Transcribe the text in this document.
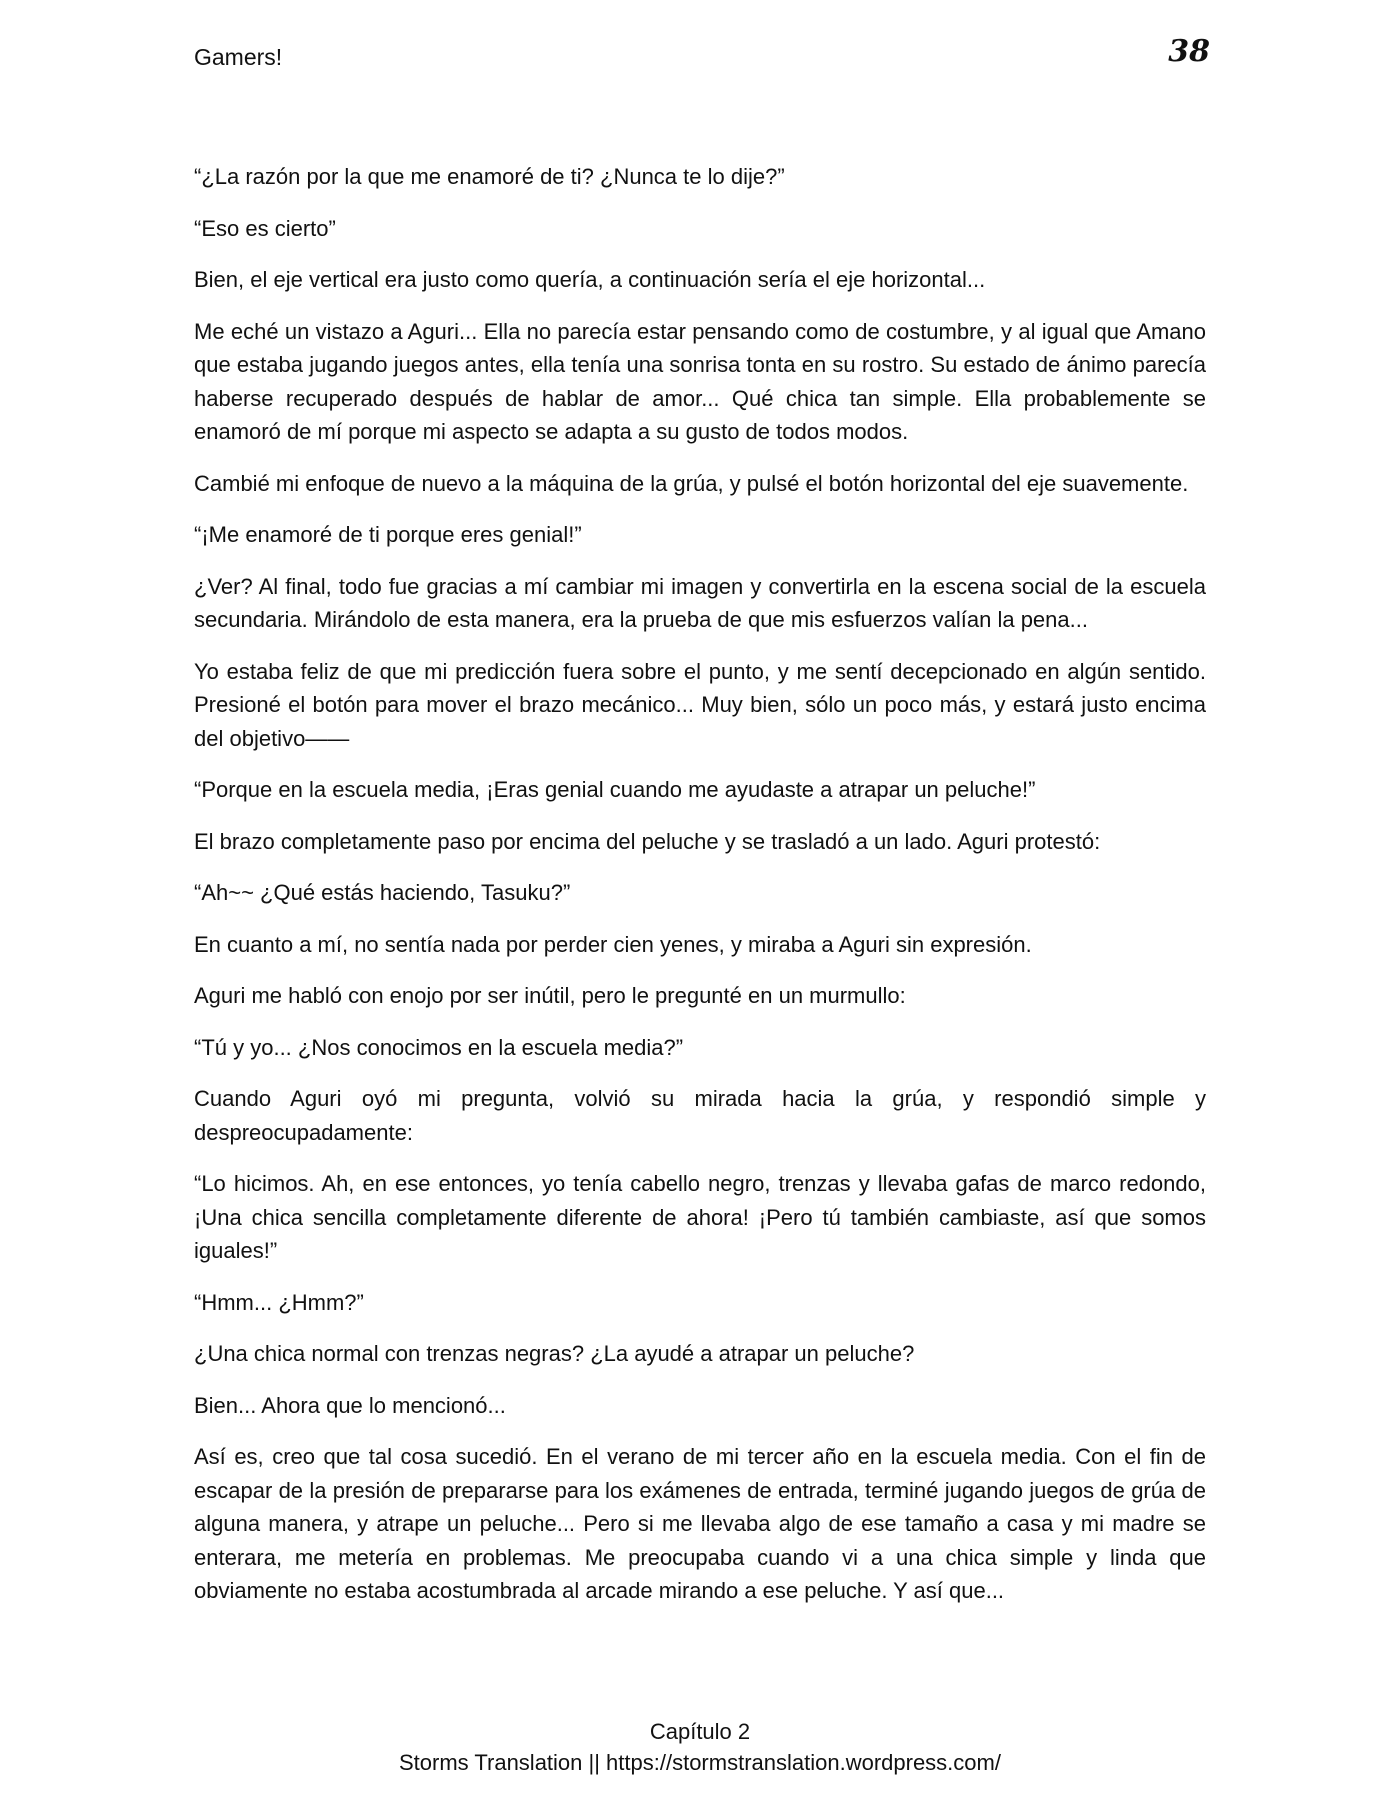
Gamers!	38

“¿La razón por la que me enamoré de ti? ¿Nunca te lo dije?”

“Eso es cierto”

Bien, el eje vertical era justo como quería, a continuación sería el eje horizontal...

Me eché un vistazo a Aguri... Ella no parecía estar pensando como de costumbre, y al igual que Amano que estaba jugando juegos antes, ella tenía una sonrisa tonta en su rostro. Su estado de ánimo parecía haberse recuperado después de hablar de amor... Qué chica tan simple. Ella probablemente se enamoró de mí porque mi aspecto se adapta a su gusto de todos modos.

Cambié mi enfoque de nuevo a la máquina de la grúa, y pulsé el botón horizontal del eje suavemente.

“¡Me enamoré de ti porque eres genial!”

¿Ver? Al final, todo fue gracias a mí cambiar mi imagen y convertirla en la escena social de la escuela secundaria. Mirándolo de esta manera, era la prueba de que mis esfuerzos valían la pena...

Yo estaba feliz de que mi predicción fuera sobre el punto, y me sentí decepcionado en algún sentido. Presioné el botón para mover el brazo mecánico... Muy bien, sólo un poco más, y estará justo encima del objetivo——

“Porque en la escuela media, ¡Eras genial cuando me ayudaste a atrapar un peluche!”

El brazo completamente paso por encima del peluche y se trasladó a un lado. Aguri protestó:

“Ah~~ ¿Qué estás haciendo, Tasuku?”

En cuanto a mí, no sentía nada por perder cien yenes, y miraba a Aguri sin expresión.

Aguri me habló con enojo por ser inútil, pero le pregunté en un murmullo:

“Tú y yo... ¿Nos conocimos en la escuela media?”

Cuando Aguri oyó mi pregunta, volvió su mirada hacia la grúa, y respondió simple y despreocupadamente:

“Lo hicimos. Ah, en ese entonces, yo tenía cabello negro, trenzas y llevaba gafas de marco redondo, ¡Una chica sencilla completamente diferente de ahora! ¡Pero tú también cambiaste, así que somos iguales!”

“Hmm... ¿Hmm?”

¿Una chica normal con trenzas negras? ¿La ayudé a atrapar un peluche?

Bien... Ahora que lo mencionó...

Así es, creo que tal cosa sucedió. En el verano de mi tercer año en la escuela media. Con el fin de escapar de la presión de prepararse para los exámenes de entrada, terminé jugando juegos de grúa de alguna manera, y atrape un peluche... Pero si me llevaba algo de ese tamaño a casa y mi madre se enterara, me metería en problemas. Me preocupaba cuando vi a una chica simple y linda que obviamente no estaba acostumbrada al arcade mirando a ese peluche. Y así que...

Capítulo 2
Storms Translation || https://stormstranslation.wordpress.com/
